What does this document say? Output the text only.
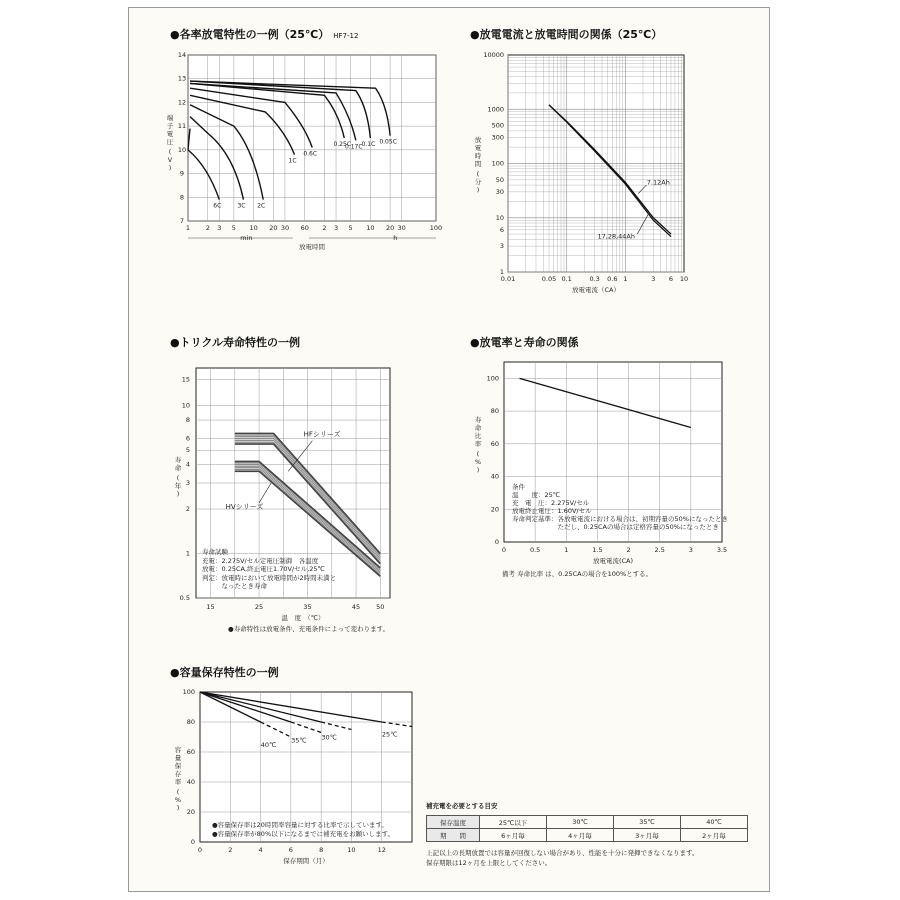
●各率放電特性の一例（25℃） HF7-12	●放電電流と放電時間の関係（25℃）
●トリクル寿命特性の一例	●放電率と寿命の関係
●容量保存特性の一例
14
13
12
11
10
9
8
7
1 2 3 5 10 20 30 60 2 3 5 10 20 30	100
min	h
放電時間
端
子
電
圧
(
V
)
6C	3C 2C
1C
0.6C
0.25C
0.17C
0.1C 0.05C
10000
1000
500
300
100
50
30
10
6
3
1
0.01	0.05 0.1	0.3 0.6 1	3 6 10
放電電流（CA）
放
電
時
間
(
分
)
7.12Ah
17,28,44Ah
15
10
8
6
5
4
3
2
1
0.5
15	25	35	45 50
温　度　（℃）
寿
命
(
年
)
HFシリーズ
HVシリーズ
100
80
60
40
20
0
0	0.5	1	1.5	2	2.5	3	3.5
放電電流(CA)
寿
命
比
率
(
%
)
100
80
60
40
20
0
0	2	4	6	8	10	12
保存期間（月）
容
量
保
存
率
(
%
)
40℃
35℃ 30℃	25℃
寿命試験
充電：2.275V/セル定電圧制御　各温度
放電：0.25CA,終止電圧1.70V/セル,25℃
判定：放電時において放電時間が2時間未満と
　　　なったとき寿命
●寿命特性は放電条件、充電条件によって変わります。
条件
温　　度：25℃
充　電　圧：2.275V/セル
放電終止電圧：1.60V/セル
寿命判定基準：各放電電流における場合は、初期容量の50%になったとき
　　　　　　　ただし、0.25CAの場合は定格容量の50%になったとき
備考 寿命比率 は、0.25CAの場合を100%とする。
●容量保存率は20時間率容量に対する比率で示しています。
●容量保存率が80%以下になるまでに補充電をお願いします。
補充電を必要とする目安
保存温度	25℃以下	30℃	35℃	40℃
期　　間	6ヶ月毎	4ヶ月毎	3ヶ月毎	2ヶ月毎
上記以上の長期放置では容量が回復しない場合があり、性能を十分に発揮できなくなります。
保存期限は12ヶ月を上限としてください。
